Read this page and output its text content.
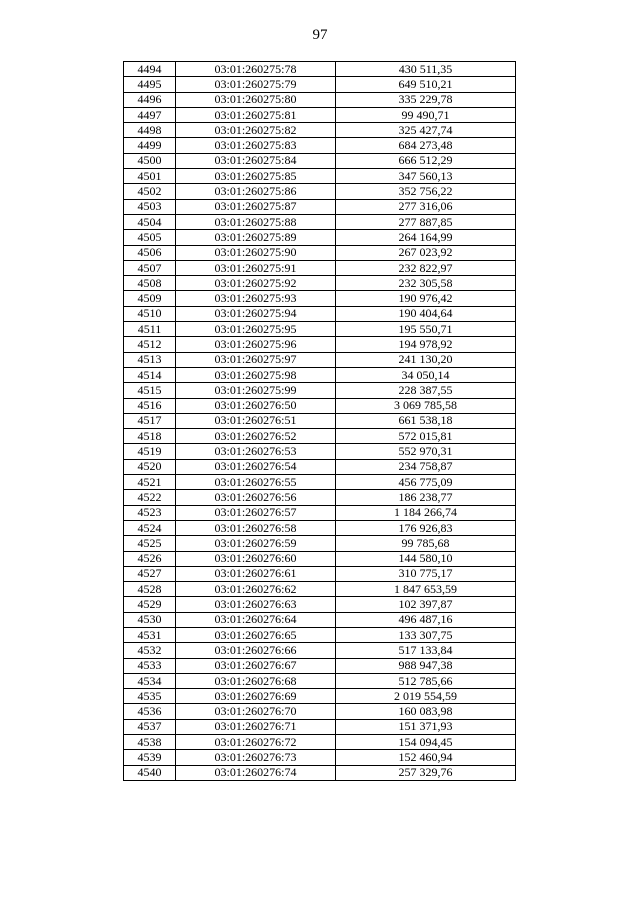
97
4494	03:01:260275:78	430 511,35
4495	03:01:260275:79	649 510,21
4496	03:01:260275:80	335 229,78
4497	03:01:260275:81	99 490,71
4498	03:01:260275:82	325 427,74
4499	03:01:260275:83	684 273,48
4500	03:01:260275:84	666 512,29
4501	03:01:260275:85	347 560,13
4502	03:01:260275:86	352 756,22
4503	03:01:260275:87	277 316,06
4504	03:01:260275:88	277 887,85
4505	03:01:260275:89	264 164,99
4506	03:01:260275:90	267 023,92
4507	03:01:260275:91	232 822,97
4508	03:01:260275:92	232 305,58
4509	03:01:260275:93	190 976,42
4510	03:01:260275:94	190 404,64
4511	03:01:260275:95	195 550,71
4512	03:01:260275:96	194 978,92
4513	03:01:260275:97	241 130,20
4514	03:01:260275:98	34 050,14
4515	03:01:260275:99	228 387,55
4516	03:01:260276:50	3 069 785,58
4517	03:01:260276:51	661 538,18
4518	03:01:260276:52	572 015,81
4519	03:01:260276:53	552 970,31
4520	03:01:260276:54	234 758,87
4521	03:01:260276:55	456 775,09
4522	03:01:260276:56	186 238,77
4523	03:01:260276:57	1 184 266,74
4524	03:01:260276:58	176 926,83
4525	03:01:260276:59	99 785,68
4526	03:01:260276:60	144 580,10
4527	03:01:260276:61	310 775,17
4528	03:01:260276:62	1 847 653,59
4529	03:01:260276:63	102 397,87
4530	03:01:260276:64	496 487,16
4531	03:01:260276:65	133 307,75
4532	03:01:260276:66	517 133,84
4533	03:01:260276:67	988 947,38
4534	03:01:260276:68	512 785,66
4535	03:01:260276:69	2 019 554,59
4536	03:01:260276:70	160 083,98
4537	03:01:260276:71	151 371,93
4538	03:01:260276:72	154 094,45
4539	03:01:260276:73	152 460,94
4540	03:01:260276:74	257 329,76
